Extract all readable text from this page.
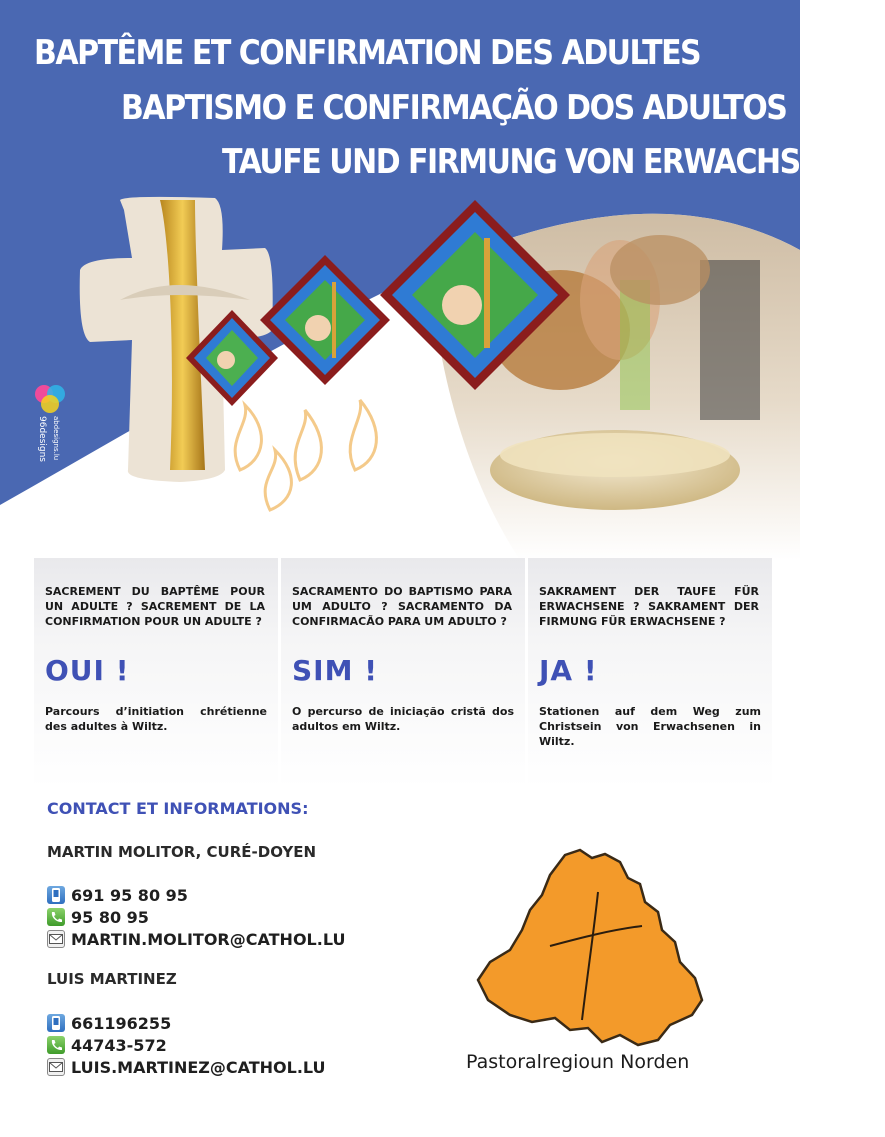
BAPTÊME ET CONFIRMATION DES ADULTES
BAPTISMO E CONFIRMAÇÃO DOS ADULTOS
TAUFE UND FIRMUNG VON ERWACHSENEN
96designs abdesigns.lu
SACREMENT DU BAPTÊME POUR UN ADULTE ? SACREMENT DE LA CONFIRMATION POUR UN ADULTE ?
OUI !
Parcours d’initiation chrétienne des adultes à Wiltz.
SACRAMENTO DO BAPTISMO PARA UM ADULTO ? SACRAMENTO DA CONFIRMACÃO PARA UM ADULTO ?
SIM !
O percurso de iniciação cristã dos adultos em Wiltz.
SAKRAMENT DER TAUFE FÜR ERWACHSENE ? SAKRAMENT DER FIRMUNG FÜR ERWACHSENE ?
JA !
Stationen auf dem Weg zum Christsein von Erwachsenen in Wiltz.
CONTACT ET INFORMATIONS:
MARTIN MOLITOR, CURÉ-DOYEN
691 95 80 95
95 80 95
MARTIN.MOLITOR@CATHOL.LU
LUIS MARTINEZ
661196255
44743-572
LUIS.MARTINEZ@CATHOL.LU	Pastoralregioun Norden
